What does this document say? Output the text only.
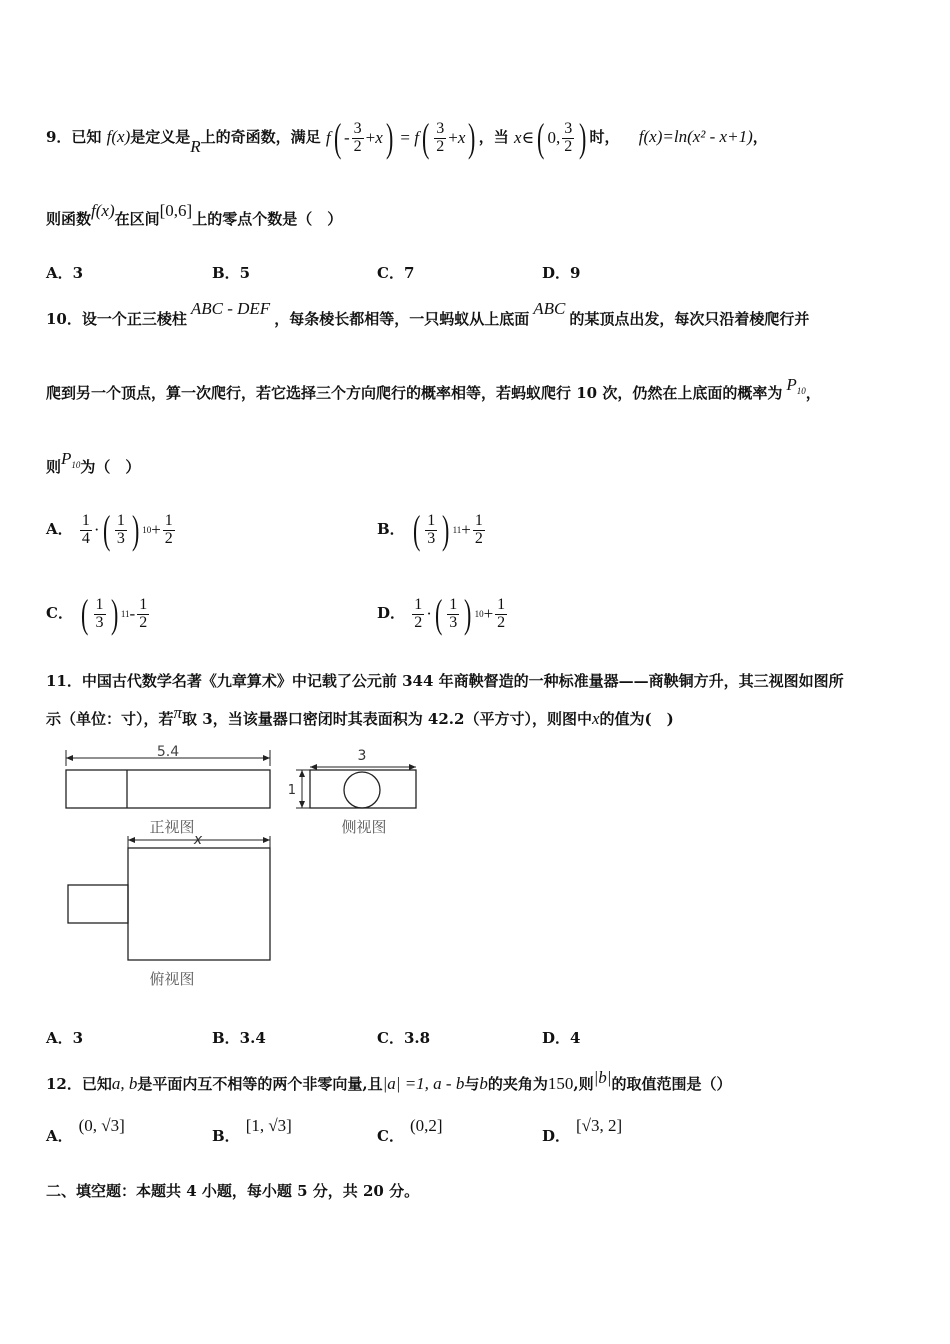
9．已知 f(x)是定义是R上的奇函数，满足 f ( - $\frac{3}{2} + x$ ) = f ( $\frac{3}{2} + x$ ) ，当 x ∈ ( 0, $\frac{3}{2}$ ) 时， f(x)=ln(x² - x+1)，
则函数f(x)在区间[0,6]上的零点个数是（　）
A．3	B．5	C．7	D．9
10．设一个正三棱柱ABC - DEF，每条棱长都相等，一只蚂蚁从上底面ABC的某顶点出发，每次只沿着棱爬行并
爬到另一个顶点，算一次爬行，若它选择三个方向爬行的概率相等，若蚂蚁爬行 10 次，仍然在上底面的概率为 $P_{10}$，
则$P_{10}$为（　）
A． $\frac{1}{4}$ · ( $\frac{1}{3}$ ) $10 + \frac{1}{2}$	B． ( $\frac{1}{3}$ ) $11 + \frac{1}{2}$
C． ( $\frac{1}{3}$ ) $11 - \frac{1}{2}$	D． $\frac{1}{2}$ · ( $\frac{1}{3}$ ) $10 + \frac{1}{2}$
11．中国古代数学名著《九章算术》中记载了公元前 344 年商鞅督造的一种标准量器——商鞅铜方升，其三视图如图所
示（单位：寸），若π取 3，当该量器口密闭时其表面积为 42.2（平方寸），则图中x的值为(　)
5.4
正视图
3
1
侧视图
x
俯视图
A．3	B．3.4	C．3.8	D．4
12．已知a, b是平面内互不相等的两个非零向量,且|a| =1, a - b与b的夹角为150,则|b|的取值范围是（）
A．(0, √3]
B．[1, √3]
C．(0,2]
D．[√3, 2]
二、填空题：本题共 4 小题，每小题 5 分，共 20 分。
